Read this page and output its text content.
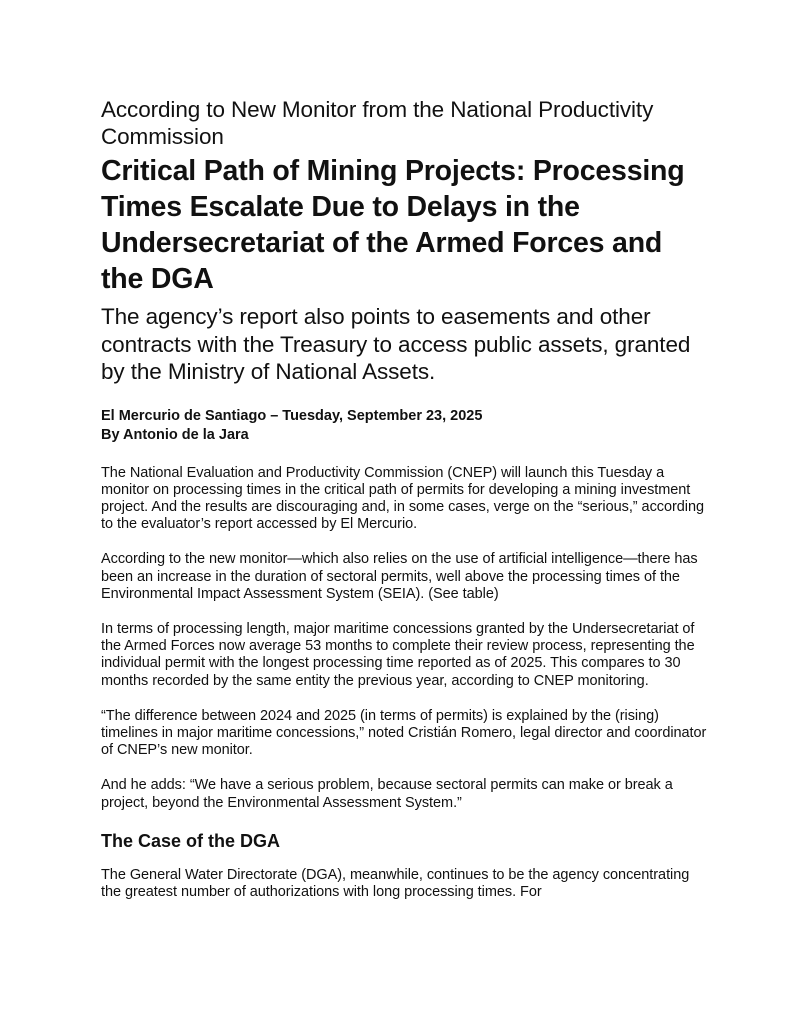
According to New Monitor from the National Productivity Commission
Critical Path of Mining Projects: Processing Times Escalate Due to Delays in the Undersecretariat of the Armed Forces and the DGA
The agency’s report also points to easements and other contracts with the Treasury to access public assets, granted by the Ministry of National Assets.
El Mercurio de Santiago – Tuesday, September 23, 2025
By Antonio de la Jara
The National Evaluation and Productivity Commission (CNEP) will launch this Tuesday a monitor on processing times in the critical path of permits for developing a mining investment project. And the results are discouraging and, in some cases, verge on the “serious,” according to the evaluator’s report accessed by El Mercurio.
According to the new monitor—which also relies on the use of artificial intelligence—there has been an increase in the duration of sectoral permits, well above the processing times of the Environmental Impact Assessment System (SEIA). (See table)
In terms of processing length, major maritime concessions granted by the Undersecretariat of the Armed Forces now average 53 months to complete their review process, representing the individual permit with the longest processing time reported as of 2025. This compares to 30 months recorded by the same entity the previous year, according to CNEP monitoring.
“The difference between 2024 and 2025 (in terms of permits) is explained by the (rising) timelines in major maritime concessions,” noted Cristián Romero, legal director and coordinator of CNEP’s new monitor.
And he adds: “We have a serious problem, because sectoral permits can make or break a project, beyond the Environmental Assessment System.”
The Case of the DGA
The General Water Directorate (DGA), meanwhile, continues to be the agency concentrating the greatest number of authorizations with long processing times. For
